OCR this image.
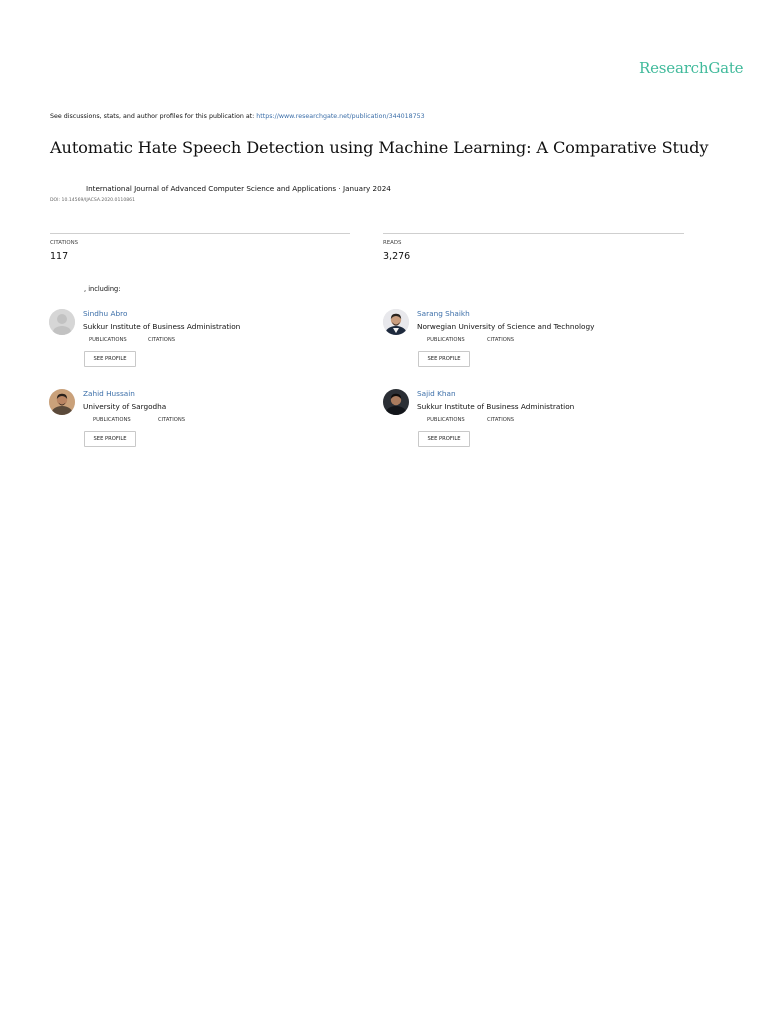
ResearchGate
See discussions, stats, and author profiles for this publication at: https://www.researchgate.net/publication/344018753
Automatic Hate Speech Detection using Machine Learning: A Comparative Study
International Journal of Advanced Computer Science and Applications · January 2024
DOI: 10.14569/IJACSA.2020.0110861
CITATIONS
117
READS
3,276
, including:
Sindhu Abro
Sukkur Institute of Business Administration
PUBLICATIONS	CITATIONS
SEE PROFILE
Sarang Shaikh
Norwegian University of Science and Technology
PUBLICATIONS	CITATIONS
SEE PROFILE
Zahid Hussain
University of Sargodha
PUBLICATIONS	CITATIONS
SEE PROFILE
Sajid Khan
Sukkur Institute of Business Administration
PUBLICATIONS	CITATIONS
SEE PROFILE
